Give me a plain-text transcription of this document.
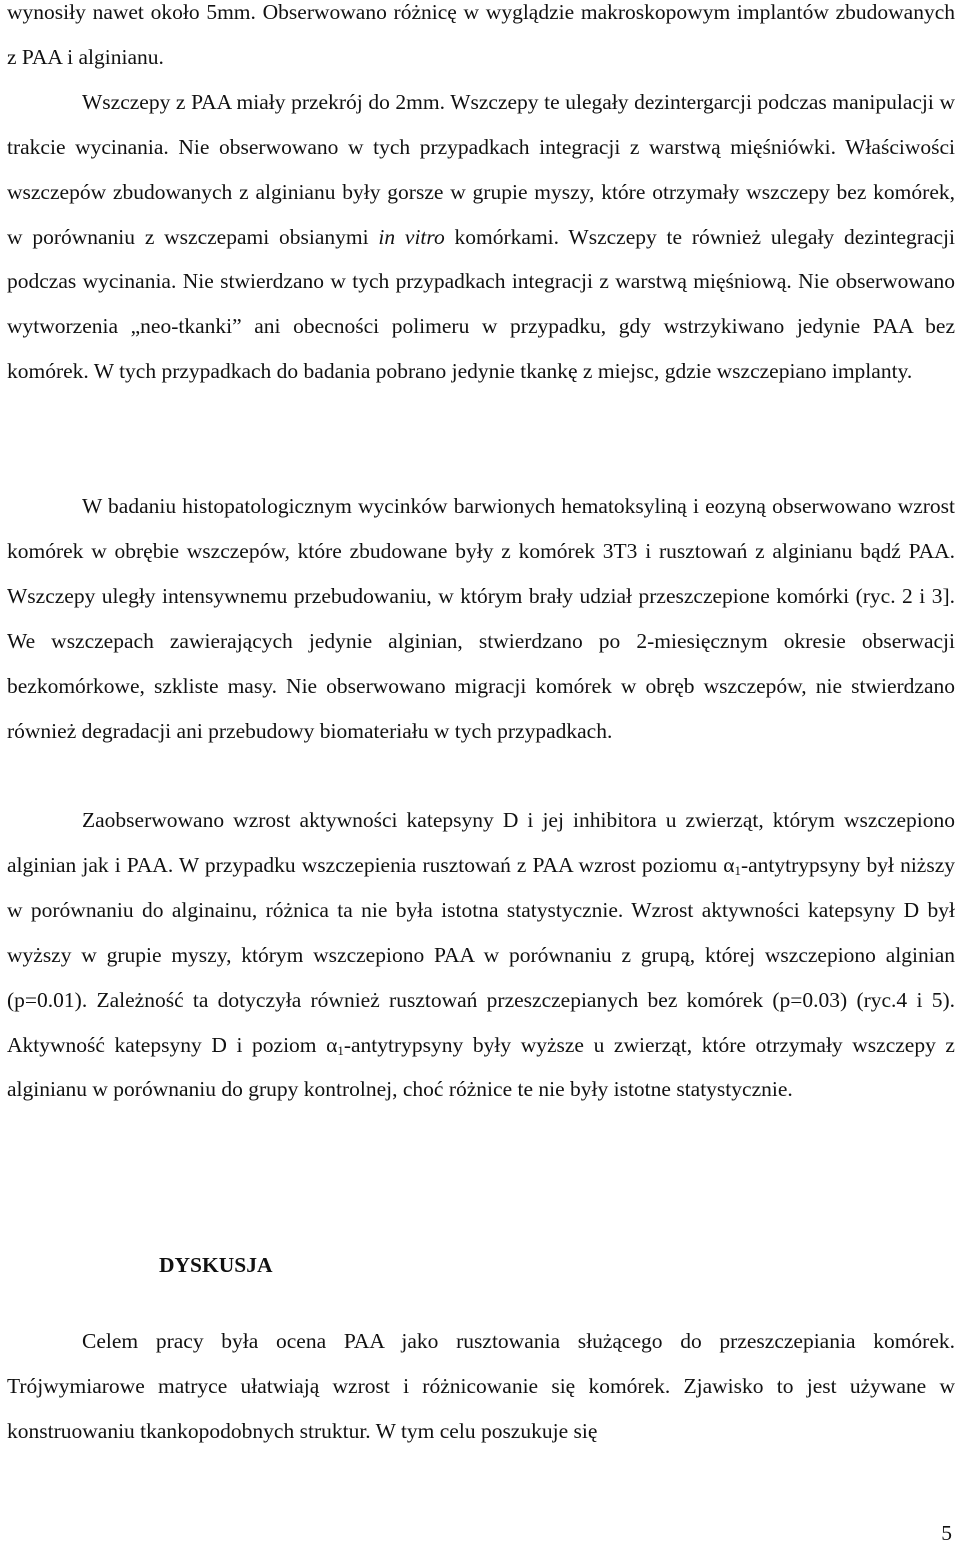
wynosiły nawet około 5mm. Obserwowano różnicę w wyglądzie makroskopowym implantów zbudowanych z PAA i alginianu.

Wszczepy z PAA miały przekrój do 2mm. Wszczepy te ulegały dezintergarcji podczas manipulacji w trakcie wycinania. Nie obserwowano w tych przypadkach integracji z warstwą mięśniówki. Właściwości wszczepów zbudowanych z alginianu były gorsze w grupie myszy, które otrzymały wszczepy bez komórek, w porównaniu z wszczepami obsianymi in vitro komórkami. Wszczepy te również ulegały dezintegracji podczas wycinania. Nie stwierdzano w tych przypadkach integracji z warstwą mięśniową. Nie obserwowano wytworzenia „neo-tkanki” ani obecności polimeru w przypadku, gdy wstrzykiwano jedynie PAA bez komórek. W tych przypadkach do badania pobrano jedynie tkankę z miejsc, gdzie wszczepiano implanty.

W badaniu histopatologicznym wycinków barwionych hematoksyliną i eozyną obserwowano wzrost komórek w obrębie wszczepów, które zbudowane były z komórek 3T3 i rusztowań z alginianu bądź PAA. Wszczepy uległy intensywnemu przebudowaniu, w którym brały udział przeszczepione komórki (ryc. 2 i 3]. We wszczepach zawierających jedynie alginian, stwierdzano po 2-miesięcznym okresie obserwacji bezkomórkowe, szkliste masy. Nie obserwowano migracji komórek w obręb wszczepów, nie stwierdzano również degradacji ani przebudowy biomateriału w tych przypadkach.

Zaobserwowano wzrost aktywności katepsyny D i jej inhibitora u zwierząt, którym wszczepiono alginian jak i PAA. W przypadku wszczepienia rusztowań z PAA wzrost poziomu $\alpha_1$-antytrypsyny był niższy w porównaniu do alginainu, różnica ta nie była istotna statystycznie. Wzrost aktywności katepsyny D był wyższy w grupie myszy, którym wszczepiono PAA w porównaniu z grupą, której wszczepiono alginian (p=0.01). Zależność ta dotyczyła również rusztowań przeszczepianych bez komórek (p=0.03) (ryc.4 i 5). Aktywność katepsyny D i poziom $\alpha_1$-antytrypsyny były wyższe u zwierząt, które otrzymały wszczepy z alginianu w porównaniu do grupy kontrolnej, choć różnice te nie były istotne statystycznie.

DYSKUSJA

Celem pracy była ocena PAA jako rusztowania służącego do przeszczepiania komórek. Trójwymiarowe matryce ułatwiają wzrost i różnicowanie się komórek. Zjawisko to jest używane w konstruowaniu tkankopodobnych struktur. W tym celu poszukuje się

5
